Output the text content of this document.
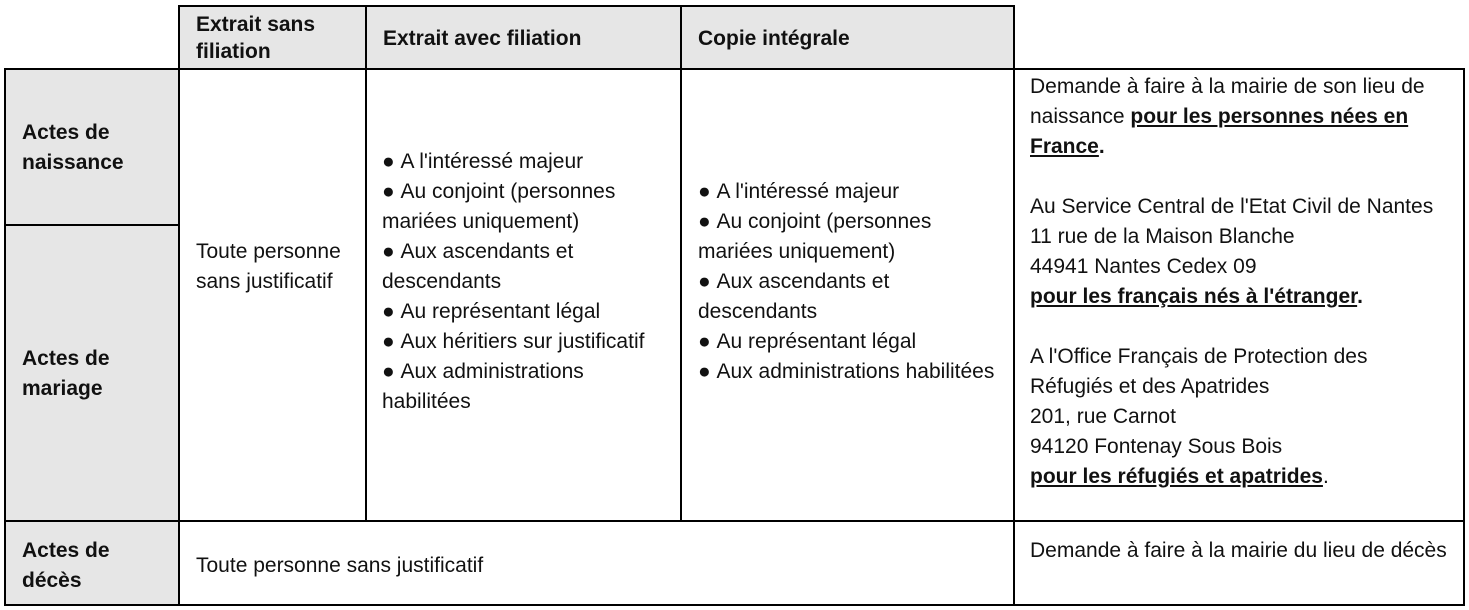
Extrait sans filiation
Extrait avec filiation	Copie intégrale
Actes de naissance
Actes de mariage
Actes de décès
Toute personne sans justificatif
● A l'intéressé majeur
● Au conjoint (personnes mariées uniquement)
● Aux ascendants et descendants
● Au représentant légal
● Aux héritiers sur justificatif
● Aux administrations habilitées
● A l'intéressé majeur
● Au conjoint (personnes mariées uniquement)
● Aux ascendants et descendants
● Au représentant légal
● Aux administrations habilitées

Demande à faire à la mairie de son lieu de naissance pour les personnes nées en France.

Au Service Central de l'Etat Civil de Nantes
11 rue de la Maison Blanche
44941 Nantes Cedex 09
pour les français nés à l'étranger.

A l'Office Français de Protection des Réfugiés et des Apatrides
201, rue Carnot
94120 Fontenay Sous Bois
pour les réfugiés et apatrides.

Toute personne sans justificatif
Demande à faire à la mairie du lieu de décès
